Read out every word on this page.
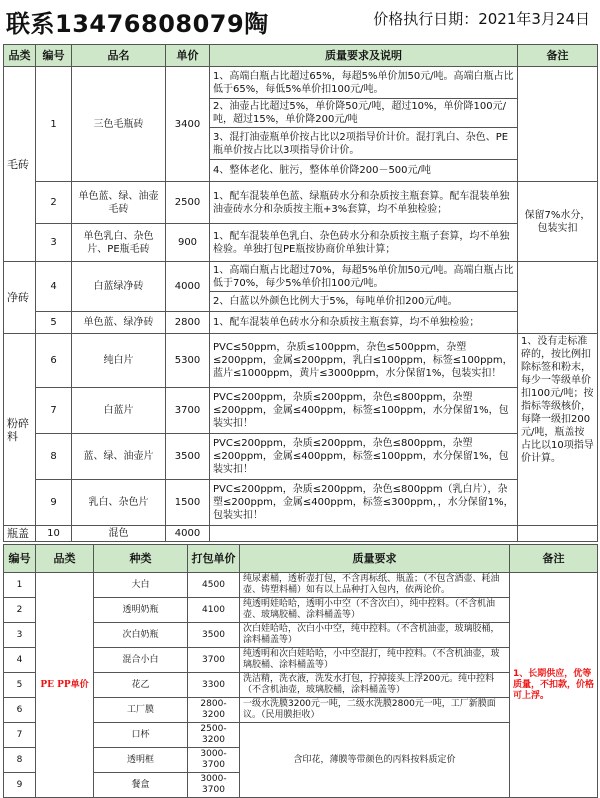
联系13476808079陶	价格执行日期：2021年3月24日
品类	编号	品名	单价	质量要求及说明	备注
毛砖	1	三色毛瓶砖	3400	1、高端白瓶占比超过65%，每超5%单价加50元/吨。高端白瓶占比低于65%，每低5%单价扣100元/吨。	
				2、油壶占比超过5%，单价降50元/吨，超过10%，单价降100元/吨，超过15%，单价降200元/吨	
				3、混打油壶瓶单价按占比以2项指导价计价。混打乳白、杂色、PE瓶单价按占比以3项指导价计价。	
				4、整体老化、脏污，整体单价降200－500元/吨	
	2	单色蓝、绿、油壶毛砖	2500	1、配车混装单色蓝、绿瓶砖水分和杂质按主瓶套算。配车混装单独油壶砖水分和杂质按主瓶+3%套算，均不单独检验；	保留7%水分，包装实扣
	3	单色乳白、杂色片、PE瓶毛砖	900	1、配车混装单色乳白、杂色砖水分和杂质按主瓶子套算，均不单独检验。单独打包PE瓶按协商价单独计算；	
净砖	4	白蓝绿净砖	4000	1、高端白瓶占比超过70%，每超5%单价加50元/吨。高端白瓶占比低于70%，每少5%单价扣100元/吨。	
				2、白蓝以外颜色比例大于5%，每吨单价扣200元/吨。	
	5	单色蓝、绿净砖	2800	1、配车混装单色砖水分和杂质按主瓶套算，均不单独检验；	
粉碎料	6	纯白片	5300	PVC≤50ppm，杂质≤100ppm，杂色≤500ppm，杂塑≤200ppm，金属≤200ppm，乳白≤100ppm，标签≤100ppm，蓝片≤1000ppm，黄片≤3000ppm，水分保留1%，包装实扣！	1、没有走标准碎的，按比例扣除标签和粉末，每少一等级单价扣100元/吨；按指标等级核价，每降一级扣200元/吨，瓶盖按占比以10项指导价计算。
	7	白蓝片	3700	PVC≤200ppm，杂质≤200ppm，杂色≤800ppm，杂塑≤200ppm，金属≤400ppm，标签≤100ppm，水分保留1%，包装实扣！	
	8	蓝、绿、油壶片	3500	PVC≤200ppm，杂质≤200ppm，杂色≤800ppm，杂塑≤200ppm，金属≤400ppm，标签≤100ppm，水分保留1%，包装实扣！	
	9	乳白、杂色片	1500	PVC≤200ppm，杂质≤200ppm，杂色≤800ppm（乳白片），杂塑≤200ppm，金属≤400ppm，标签≤300ppm，，水分保留1%，包装实扣！	
瓶盖	10	混色	4000		
编号	品类	种类	打包单价	质量要求	备注
1	PE PP单价	大白	4500	纯尿素桶，透析壶打包，不含再标纸、瓶盖；（不包含酒壶、耗油壶、铸塑料桶）如有以上品种打入包内，依两论价。	1、长期供应，优等质量，不扣款，价格可上浮。
2		透明奶瓶	4100	纯透明娃哈哈，透明小中空（不含次白），纯中控料。（不含机油壶、玻璃胶桶、涂料桶盖等）	
3		次白奶瓶	3500	次白娃哈哈，次白小中空，纯中控料。（不含机油壶，玻璃胶桶，涂料桶盖等）	
4		混合小白	3700	纯透明和次白娃哈哈，小中空混打，纯中控料。（不含机油壶，玻璃胶桶、涂料桶盖等）	
5		花乙	3300	洗洁精，洗衣液，洗发水打包，拧掉接头上浮200元。纯中控料（不含机油壶，玻璃胶桶，涂料桶盖等）	
6		工厂膜	2800-3200	一级水洗膜3200元一吨，二级水洗膜2800元一吨，工厂新膜面议。（民用膜拒收）	
7		口杯	2500-3200	含印花，薄膜等带颜色的丙料按料质定价	
8		透明框	3000-3700		
9		餐盒	3000-3700		
